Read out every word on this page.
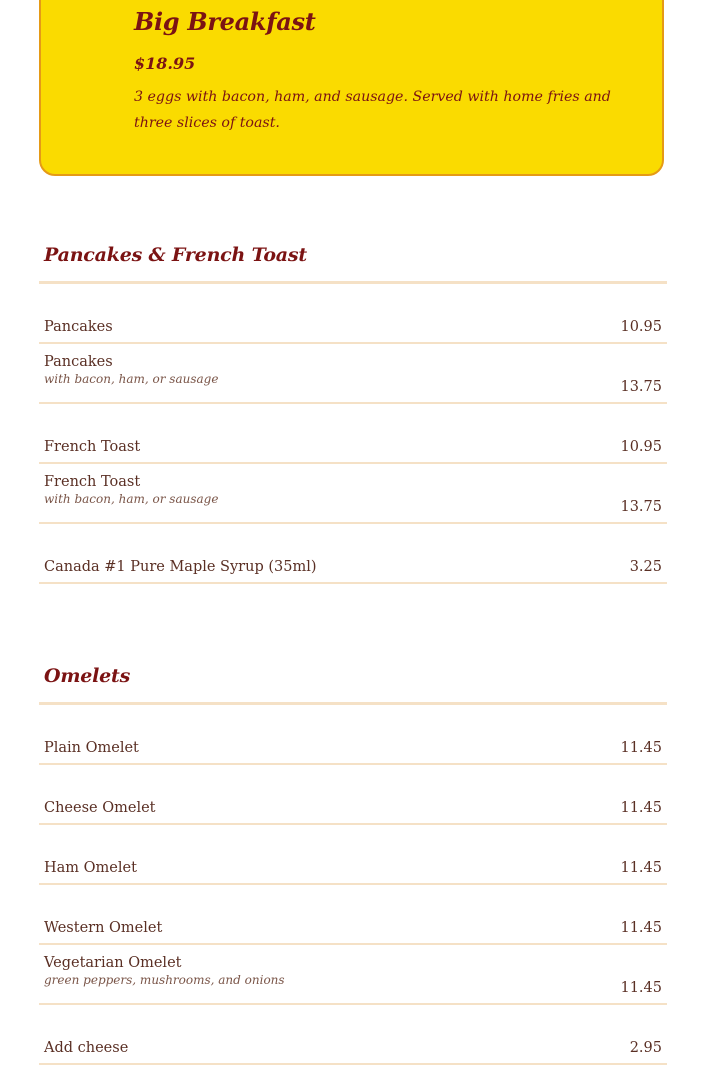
Big Breakfast
$18.95
3 eggs with bacon, ham, and sausage. Served with home fries and three slices of toast.
Pancakes & French Toast
Pancakes	10.95
Pancakes
with bacon, ham, or sausage	13.75
French Toast	10.95
French Toast
with bacon, ham, or sausage	13.75
Canada #1 Pure Maple Syrup (35ml)	3.25
Omelets
Plain Omelet	11.45
Cheese Omelet	11.45
Ham Omelet	11.45
Western Omelet	11.45
Vegetarian Omelet
green peppers, mushrooms, and onions	11.45
Add cheese	2.95
